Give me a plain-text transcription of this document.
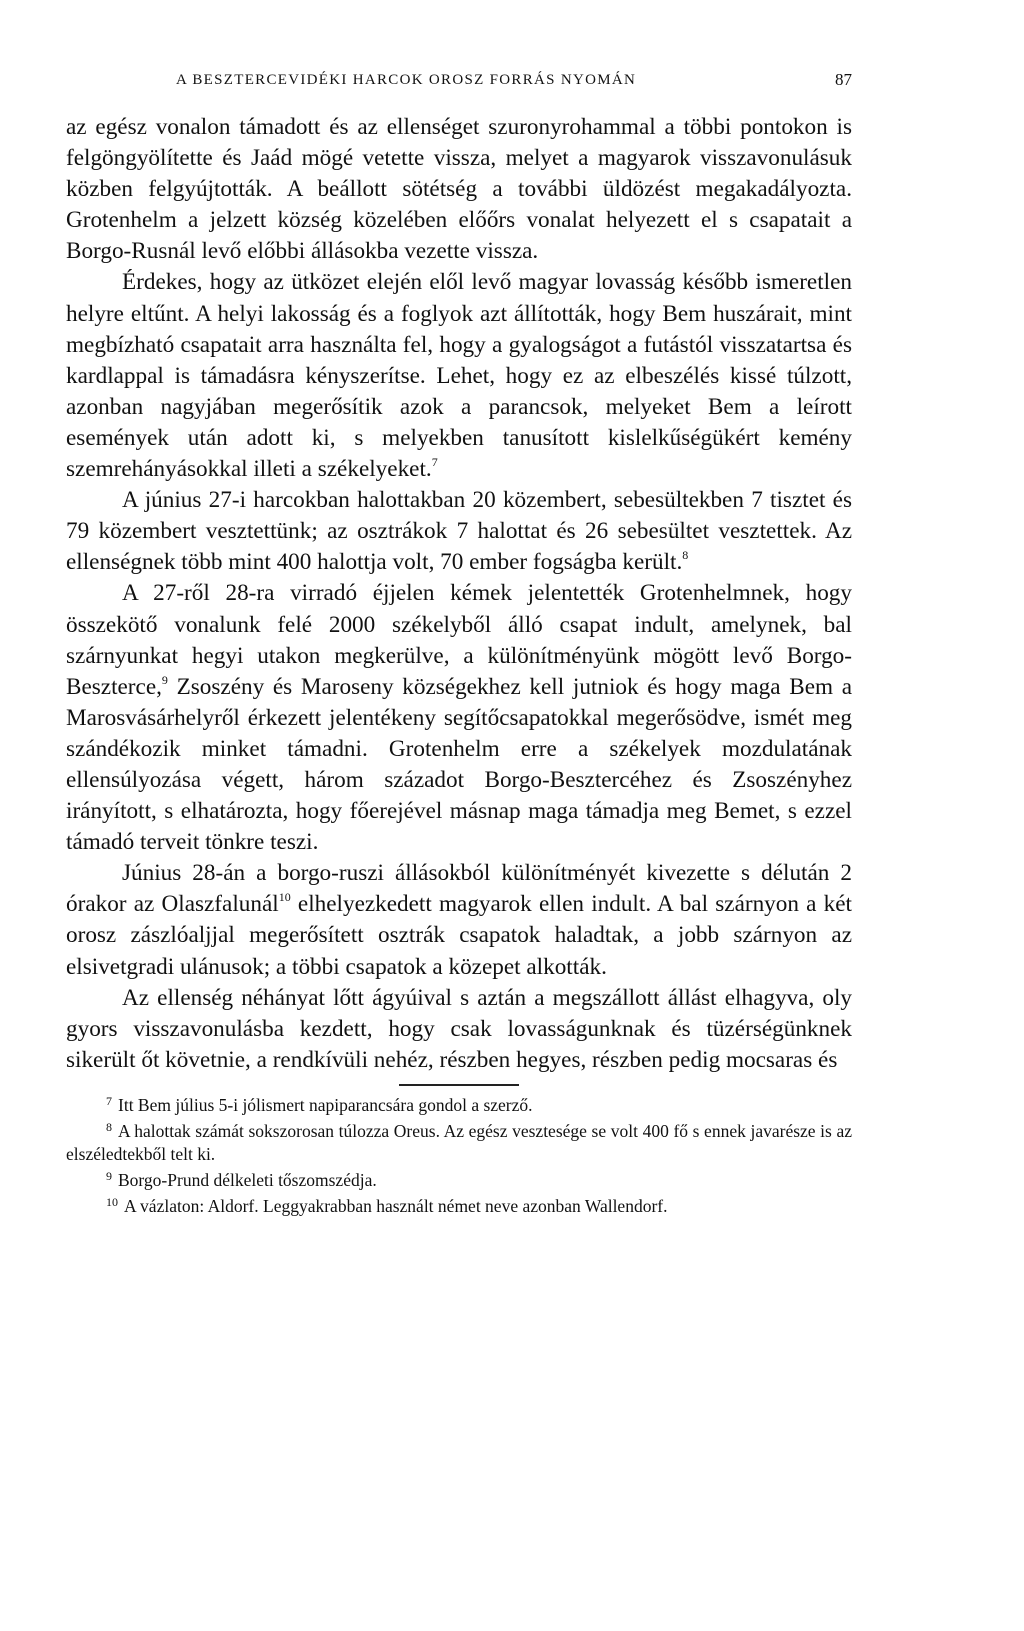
A BESZTERCEVIDÉKI HARCOK OROSZ FORRÁS NYOMÁN	87

az egész vonalon támadott és az ellenséget szuronyrohammal a többi pontokon is felgöngyölítette és Jaád mögé vetette vissza, melyet a magyarok visszavonulásuk közben felgyújtották. A beállott sötétség a további üldözést megakadályozta. Grotenhelm a jelzett község közelében előőrs vonalat helyezett el s csapatait a Borgo-Rusnál levő előbbi állásokba vezette vissza.

Érdekes, hogy az ütközet elején elől levő magyar lovasság később ismeretlen helyre eltűnt. A helyi lakosság és a foglyok azt állították, hogy Bem huszárait, mint megbízható csapatait arra használta fel, hogy a gyalogságot a futástól visszatartsa és kardlappal is támadásra kényszerítse. Lehet, hogy ez az elbeszélés kissé túlzott, azonban nagyjában megerősítik azok a parancsok, melyeket Bem a leírott események után adott ki, s melyekben tanusított kislelkűségükért kemény szemrehányásokkal illeti a székelyeket.$^7$

A június 27-i harcokban halottakban 20 közembert, sebesültekben 7 tisztet és 79 közembert vesztettünk; az osztrákok 7 halottat és 26 sebesültet vesztettek. Az ellenségnek több mint 400 halottja volt, 70 ember fogságba került.$^8$

A 27-ről 28-ra virradó éjjelen kémek jelentették Grotenhelmnek, hogy összekötő vonalunk felé 2000 székelyből álló csapat indult, amelynek, bal szárnyunkat hegyi utakon megkerülve, a különítményünk mögött levő Borgo-Beszterce,$^9$ Zsoszény és Maroseny községekhez kell jutniok és hogy maga Bem a Marosvásárhelyről érkezett jelentékeny segítőcsapatokkal megerősödve, ismét meg szándékozik minket támadni. Grotenhelm erre a székelyek mozdulatának ellensúlyozása végett, három századot Borgo-Besztercéhez és Zsoszényhez irányított, s elhatározta, hogy főerejével másnap maga támadja meg Bemet, s ezzel támadó terveit tönkre teszi.

Június 28-án a borgo-ruszi állásokból különítményét kivezette s délután 2 órakor az Olaszfalunál$^{10}$ elhelyezkedett magyarok ellen indult. A bal szárnyon a két orosz zászlóaljjal megerősített osztrák csapatok haladtak, a jobb szárnyon az elsivetgradi ulánusok; a többi csapatok a közepet alkották.

Az ellenség néhányat lőtt ágyúival s aztán a megszállott állást elhagyva, oly gyors visszavonulásba kezdett, hogy csak lovasságunknak és tüzérségünknek sikerült őt követnie, a rendkívüli nehéz, részben hegyes, részben pedig mocsaras és

$^7$ Itt Bem július 5-i jólismert napiparancsára gondol a szerző.

$^8$ A halottak számát sokszorosan túlozza Oreus. Az egész vesztesége se volt 400 fő s ennek javarésze is az elszéledtekből telt ki.

$^9$ Borgo-Prund délkeleti tőszomszédja.

$^{10}$ A vázlaton: Aldorf. Leggyakrabban használt német neve azonban Wallendorf.
